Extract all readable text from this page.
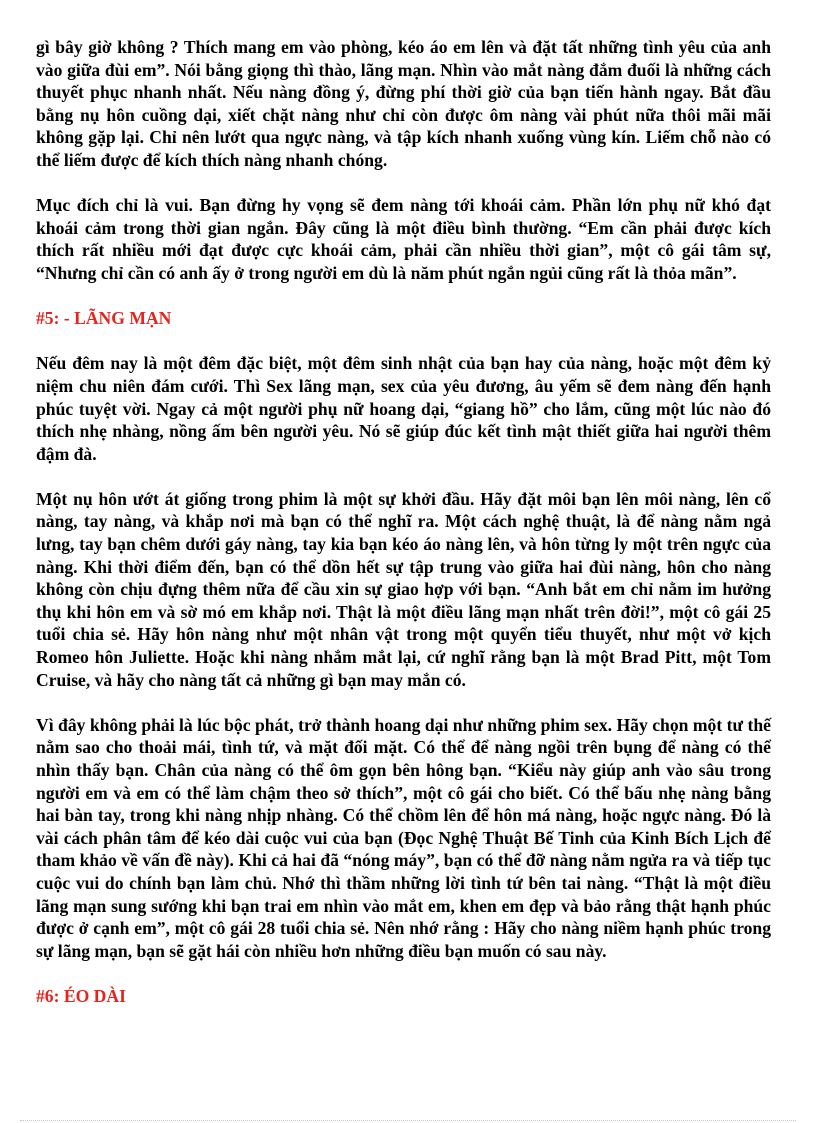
gì bây giờ không ? Thích mang em vào phòng, kéo áo em lên và đặt tất những tình yêu của anh vào giữa đùi em”. Nói bằng giọng thì thào, lãng mạn. Nhìn vào mắt nàng đắm đuối là những cách thuyết phục nhanh nhất. Nếu nàng đồng ý, đừng phí thời giờ của bạn tiến hành ngay. Bắt đầu bằng nụ hôn cuồng dại, xiết chặt nàng như chỉ còn được ôm nàng vài phút nữa thôi mãi mãi không gặp lại. Chỉ nên lướt qua ngực nàng, và tập kích nhanh xuống vùng kín. Liếm chỗ nào có thể liếm được để kích thích nàng nhanh chóng.

Mục đích chỉ là vui. Bạn đừng hy vọng sẽ đem nàng tới khoái cảm. Phần lớn phụ nữ khó đạt khoái cảm trong thời gian ngắn. Đây cũng là một điều bình thường. “Em cần phải được kích thích rất nhiều mới đạt được cực khoái cảm, phải cần nhiều thời gian”, một cô gái tâm sự, “Nhưng chỉ cần có anh ấy ở trong người em dù là năm phút ngắn ngủi cũng rất là thỏa mãn”.

#5: - LÃNG MẠN

Nếu đêm nay là một đêm đặc biệt, một đêm sinh nhật của bạn hay của nàng, hoặc một đêm kỷ niệm chu niên đám cưới. Thì Sex lãng mạn, sex của yêu đương, âu yếm sẽ đem nàng đến hạnh phúc tuyệt vời. Ngay cả một người phụ nữ hoang dại, “giang hồ” cho lắm, cũng một lúc nào đó thích nhẹ nhàng, nồng ấm bên người yêu. Nó sẽ giúp đúc kết tình mật thiết giữa hai người thêm đậm đà.

Một nụ hôn ướt át giống trong phim là một sự khởi đầu. Hãy đặt môi bạn lên môi nàng, lên cổ nàng, tay nàng, và khắp nơi mà bạn có thể nghĩ ra. Một cách nghệ thuật, là để nàng nằm ngả lưng, tay bạn chêm dưới gáy nàng, tay kia bạn kéo áo nàng lên, và hôn từng ly một trên ngực của nàng. Khi thời điểm đến, bạn có thể dồn hết sự tập trung vào giữa hai đùi nàng, hôn cho nàng không còn chịu đựng thêm nữa để cầu xin sự giao hợp với bạn. “Anh bắt em chỉ nằm im hưởng thụ khi hôn em và sờ mó em khắp nơi. Thật là một điều lãng mạn nhất trên đời!”, một cô gái 25 tuổi chia sẻ. Hãy hôn nàng như một nhân vật trong một quyển tiểu thuyết, như một vở kịch Romeo hôn Juliette. Hoặc khi nàng nhắm mắt lại, cứ nghĩ rằng bạn là một Brad Pitt, một Tom Cruise, và hãy cho nàng tất cả những gì bạn may mắn có.

Vì đây không phải là lúc bộc phát, trở thành hoang dại như những phim sex. Hãy chọn một tư thế nằm sao cho thoải mái, tình tứ, và mặt đối mặt. Có thể để nàng ngồi trên bụng để nàng có thể nhìn thấy bạn. Chân của nàng có thể ôm gọn bên hông bạn. “Kiểu này giúp anh vào sâu trong người em và em có thể làm chậm theo sở thích”, một cô gái cho biết. Có thể bấu nhẹ nàng bằng hai bàn tay, trong khi nàng nhịp nhàng. Có thể chồm lên để hôn má nàng, hoặc ngực nàng. Đó là vài cách phân tâm để kéo dài cuộc vui của bạn (Đọc Nghệ Thuật Bế Tinh của Kinh Bích Lịch để tham khảo về vấn đề này). Khi cả hai đã “nóng máy”, bạn có thể đỡ nàng nằm ngửa ra và tiếp tục cuộc vui do chính bạn làm chủ. Nhớ thì thầm những lời tình tứ bên tai nàng. “Thật là một điều lãng mạn sung sướng khi bạn trai em nhìn vào mắt em, khen em đẹp và bảo rằng thật hạnh phúc được ở cạnh em”, một cô gái 28 tuổi chia sẻ. Nên nhớ rằng : Hãy cho nàng niềm hạnh phúc trong sự lãng mạn, bạn sẽ gặt hái còn nhiều hơn những điều bạn muốn có sau này.

#6: ÉO DÀI
